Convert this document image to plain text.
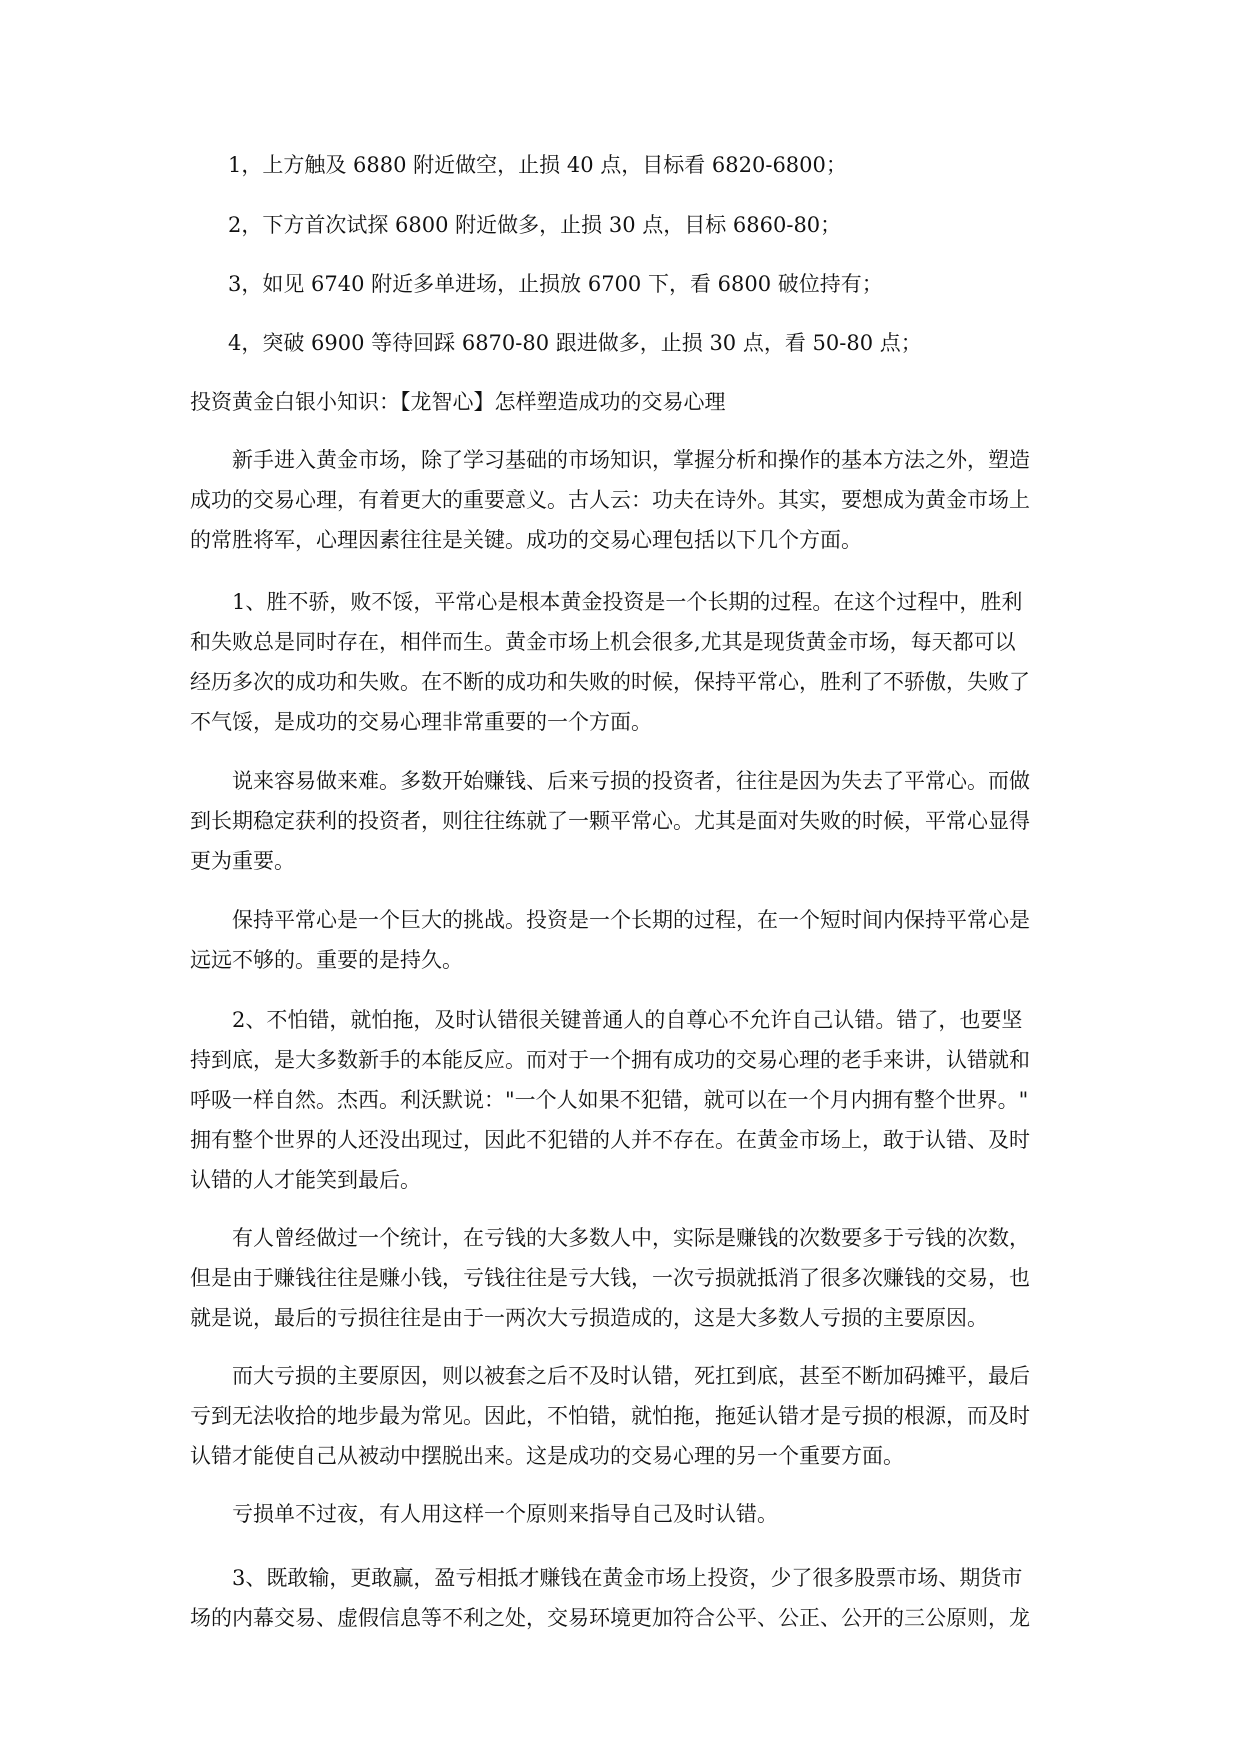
1，上方触及 6880 附近做空，止损 40 点，目标看 6820-6800；
2，下方首次试探 6800 附近做多，止损 30 点，目标 6860-80；
3，如见 6740 附近多单进场，止损放 6700 下，看 6800 破位持有；
4，突破 6900 等待回踩 6870-80 跟进做多，止损 30 点，看 50-80 点；
投资黄金白银小知识：【龙智心】怎样塑造成功的交易心理
新手进入黄金市场，除了学习基础的市场知识，掌握分析和操作的基本方法之外，塑造
成功的交易心理，有着更大的重要意义。古人云：功夫在诗外。其实，要想成为黄金市场上
的常胜将军，心理因素往往是关键。成功的交易心理包括以下几个方面。
1、胜不骄，败不馁，平常心是根本黄金投资是一个长期的过程。在这个过程中，胜利
和失败总是同时存在，相伴而生。黄金市场上机会很多,尤其是现货黄金市场，每天都可以
经历多次的成功和失败。在不断的成功和失败的时候，保持平常心，胜利了不骄傲，失败了
不气馁，是成功的交易心理非常重要的一个方面。
说来容易做来难。多数开始赚钱、后来亏损的投资者，往往是因为失去了平常心。而做
到长期稳定获利的投资者，则往往练就了一颗平常心。尤其是面对失败的时候，平常心显得
更为重要。
保持平常心是一个巨大的挑战。投资是一个长期的过程，在一个短时间内保持平常心是
远远不够的。重要的是持久。
2、不怕错，就怕拖，及时认错很关键普通人的自尊心不允许自己认错。错了，也要坚
持到底，是大多数新手的本能反应。而对于一个拥有成功的交易心理的老手来讲，认错就和
呼吸一样自然。杰西。利沃默说："一个人如果不犯错，就可以在一个月内拥有整个世界。"
拥有整个世界的人还没出现过，因此不犯错的人并不存在。在黄金市场上，敢于认错、及时
认错的人才能笑到最后。
有人曾经做过一个统计，在亏钱的大多数人中，实际是赚钱的次数要多于亏钱的次数，
但是由于赚钱往往是赚小钱，亏钱往往是亏大钱，一次亏损就抵消了很多次赚钱的交易，也
就是说，最后的亏损往往是由于一两次大亏损造成的，这是大多数人亏损的主要原因。
而大亏损的主要原因，则以被套之后不及时认错，死扛到底，甚至不断加码摊平，最后
亏到无法收拾的地步最为常见。因此，不怕错，就怕拖，拖延认错才是亏损的根源，而及时
认错才能使自己从被动中摆脱出来。这是成功的交易心理的另一个重要方面。
亏损单不过夜，有人用这样一个原则来指导自己及时认错。
3、既敢输，更敢赢，盈亏相抵才赚钱在黄金市场上投资，少了很多股票市场、期货市
场的内幕交易、虚假信息等不利之处，交易环境更加符合公平、公正、公开的三公原则，龙
